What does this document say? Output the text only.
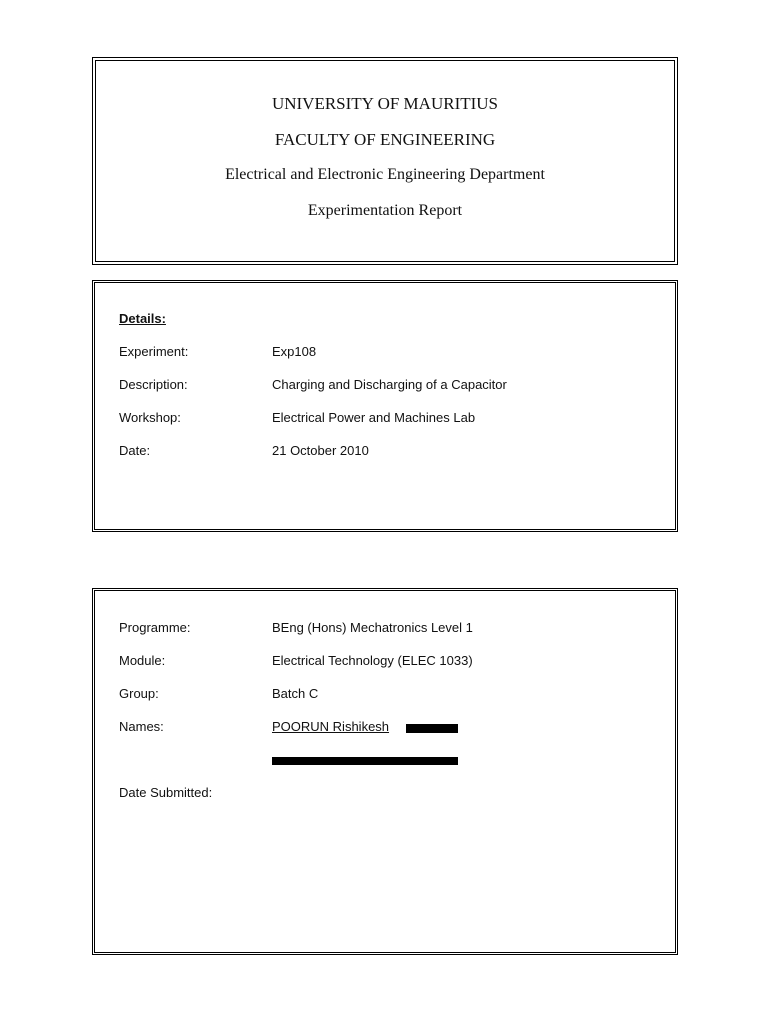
UNIVERSITY OF MAURITIUS
FACULTY OF ENGINEERING
Electrical and Electronic Engineering Department
Experimentation Report
Details:
Experiment:	Exp108
Description:	Charging and Discharging of a Capacitor
Workshop:	Electrical Power and Machines Lab
Date:	21 October 2010
Programme:	BEng (Hons) Mechatronics Level 1
Module:	Electrical Technology (ELEC 1033)
Group:	Batch C
Names:	POORUN Rishikesh
Date Submitted:
